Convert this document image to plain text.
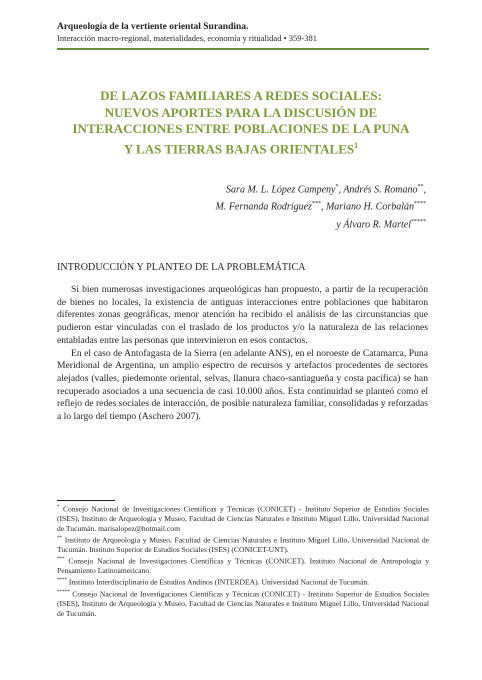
Arqueología de la vertiente oriental Surandina.
Interacción macro-regional, materialidades, economía y ritualidad • 359-381
DE LAZOS FAMILIARES A REDES SOCIALES:
NUEVOS APORTES PARA LA DISCUSIÓN DE
INTERACCIONES ENTRE POBLACIONES DE LA PUNA
Y LAS TIERRAS BAJAS ORIENTALES$^1$
Sara M. L. López Campeny*, Andrés S. Romano**,
M. Fernanda Rodríguez***, Mariano H. Corbalán****
y Álvaro R. Martel*****
INTRODUCCIÓN Y PLANTEO DE LA PROBLEMÁTICA

Si bien numerosas investigaciones arqueológicas han propuesto, a partir de la recuperación de bienes no locales, la existencia de antiguas interacciones entre poblaciones que habitaron diferentes zonas geográficas, menor atención ha recibido el análisis de las circunstancias que pudieron estar vinculadas con el traslado de los productos y/o la naturaleza de las relaciones entabladas entre las personas que intervinieron en esos contactos.

En el caso de Antofagasta de la Sierra (en adelante ANS), en el noroeste de Catamarca, Puna Meridional de Argentina, un amplio espectro de recursos y artefactos procedentes de sectores alejados (valles, piedemonte oriental, selvas, llanura chaco-santiagueña y costa pacífica) se han recuperado asociados a una secuencia de casi 10.000 años. Esta continuidad se planteó como el reflejo de redes sociales de interacción, de posible naturaleza familiar, consolidadas y reforzadas a lo largo del tiempo (Aschero 2007).

* Consejo Nacional de Investigaciones Científicas y Técnicas (CONICET) - Instituto Superior de Estudios Sociales (ISES), Instituto de Arqueología y Museo, Facultad de Ciencias Naturales e Instituto Miguel Lillo, Universidad Nacional de Tucumán. marisalopez@hotmail.com

** Instituto de Arqueología y Museo, Facultad de Ciencias Naturales e Instituto Miguel Lillo, Universidad Nacional de Tucumán. Instituto Superior de Estudios Sociales (ISES) (CONICET-UNT).

*** Consejo Nacional de Investigaciones Científicas y Técnicas (CONICET). Instituto Nacional de Antropología y Pensamiento Latinoamericano.

**** Instituto Interdisciplinario de Estudios Andinos (INTERDEA). Universidad Nacional de Tucumán.

***** Consejo Nacional de Investigaciones Científicas y Técnicas (CONICET) - Instituto Superior de Estudios Sociales (ISES), Instituto de Arqueología y Museo, Facultad de Ciencias Naturales e Instituto Miguel Lillo, Universidad Nacional de Tucumán.
